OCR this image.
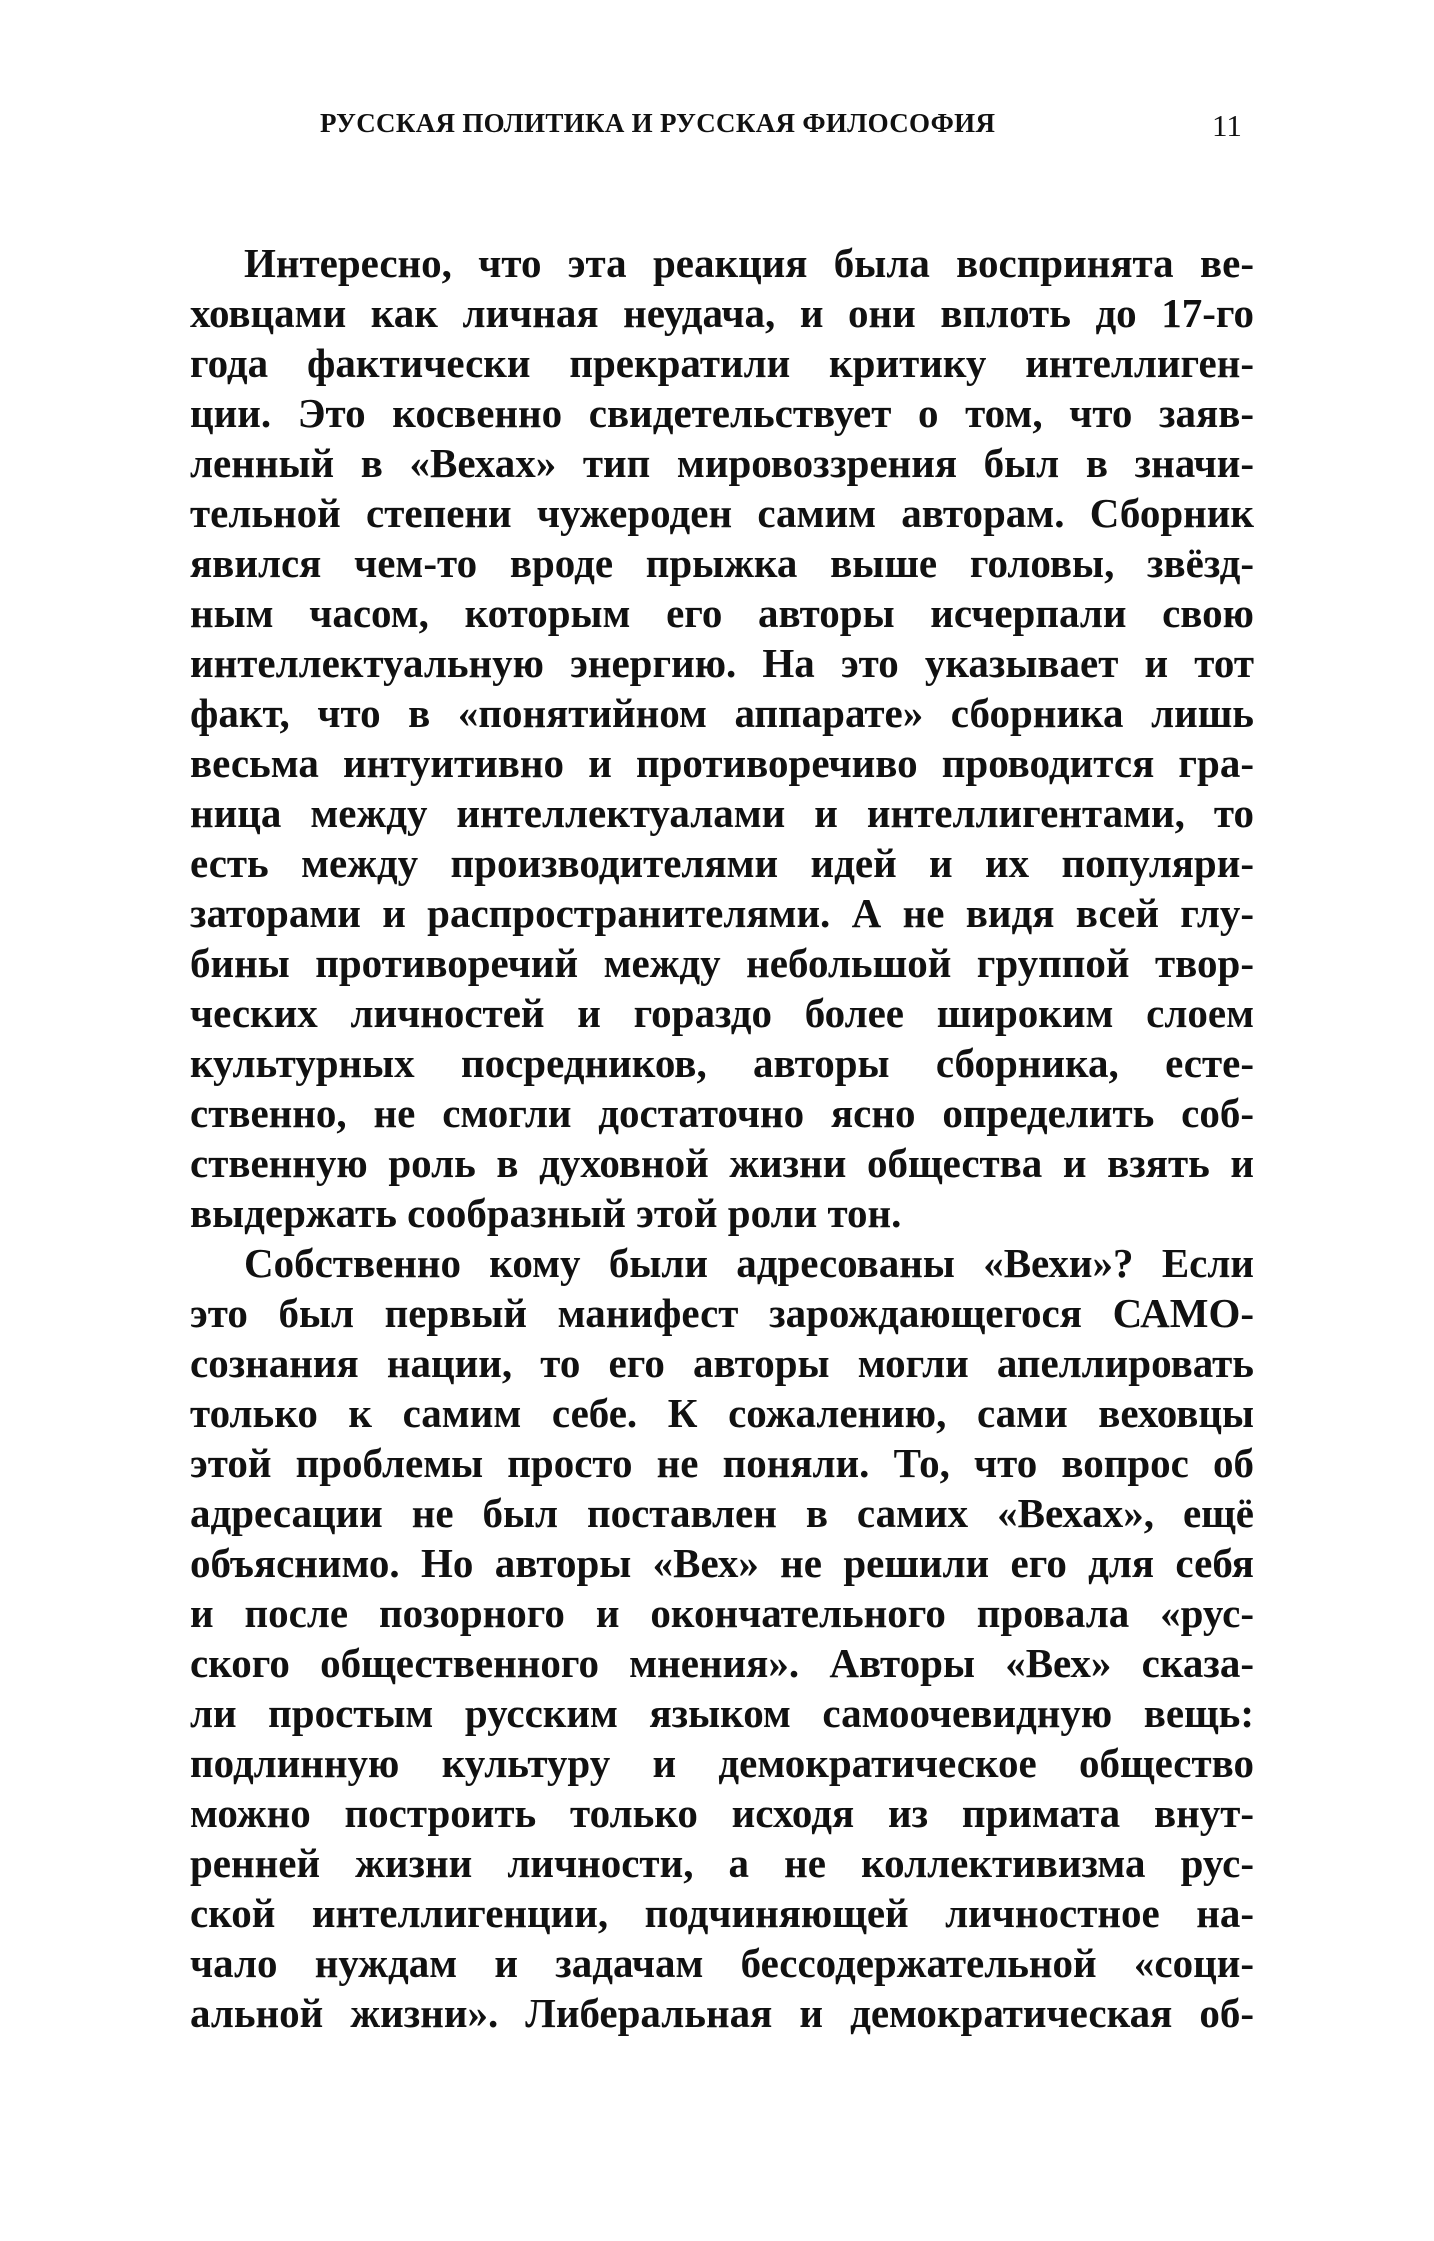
РУССКАЯ ПОЛИТИКА И РУССКАЯ ФИЛОСОФИЯ	11
Интересно, что эта реакция была воспринята ве-
ховцами как личная неудача, и они вплоть до 17-го
года фактически прекратили критику интеллиген-
ции. Это косвенно свидетельствует о том, что заяв-
ленный в «Вехах» тип мировоззрения был в значи-
тельной степени чужероден самим авторам. Сборник
явился чем-то вроде прыжка выше головы, звёзд-
ным часом, которым его авторы исчерпали свою
интеллектуальную энергию. На это указывает и тот
факт, что в «понятийном аппарате» сборника лишь
весьма интуитивно и противоречиво проводится гра-
ница между интеллектуалами и интеллигентами, то
есть между производителями идей и их популяри-
заторами и распространителями. А не видя всей глу-
бины противоречий между небольшой группой твор-
ческих личностей и гораздо более широким слоем
культурных посредников, авторы сборника, есте-
ственно, не смогли достаточно ясно определить соб-
ственную роль в духовной жизни общества и взять и
выдержать сообразный этой роли тон.
Собственно кому были адресованы «Вехи»? Если
это был первый манифест зарождающегося САМО-
сознания нации, то его авторы могли апеллировать
только к самим себе. К сожалению, сами веховцы
этой проблемы просто не поняли. То, что вопрос об
адресации не был поставлен в самих «Вехах», ещё
объяснимо. Но авторы «Вех» не решили его для себя
и после позорного и окончательного провала «рус-
ского общественного мнения». Авторы «Вех» сказа-
ли простым русским языком самоочевидную вещь:
подлинную культуру и демократическое общество
можно построить только исходя из примата внут-
ренней жизни личности, а не коллективизма рус-
ской интеллигенции, подчиняющей личностное на-
чало нуждам и задачам бессодержательной «соци-
альной жизни». Либеральная и демократическая об-
